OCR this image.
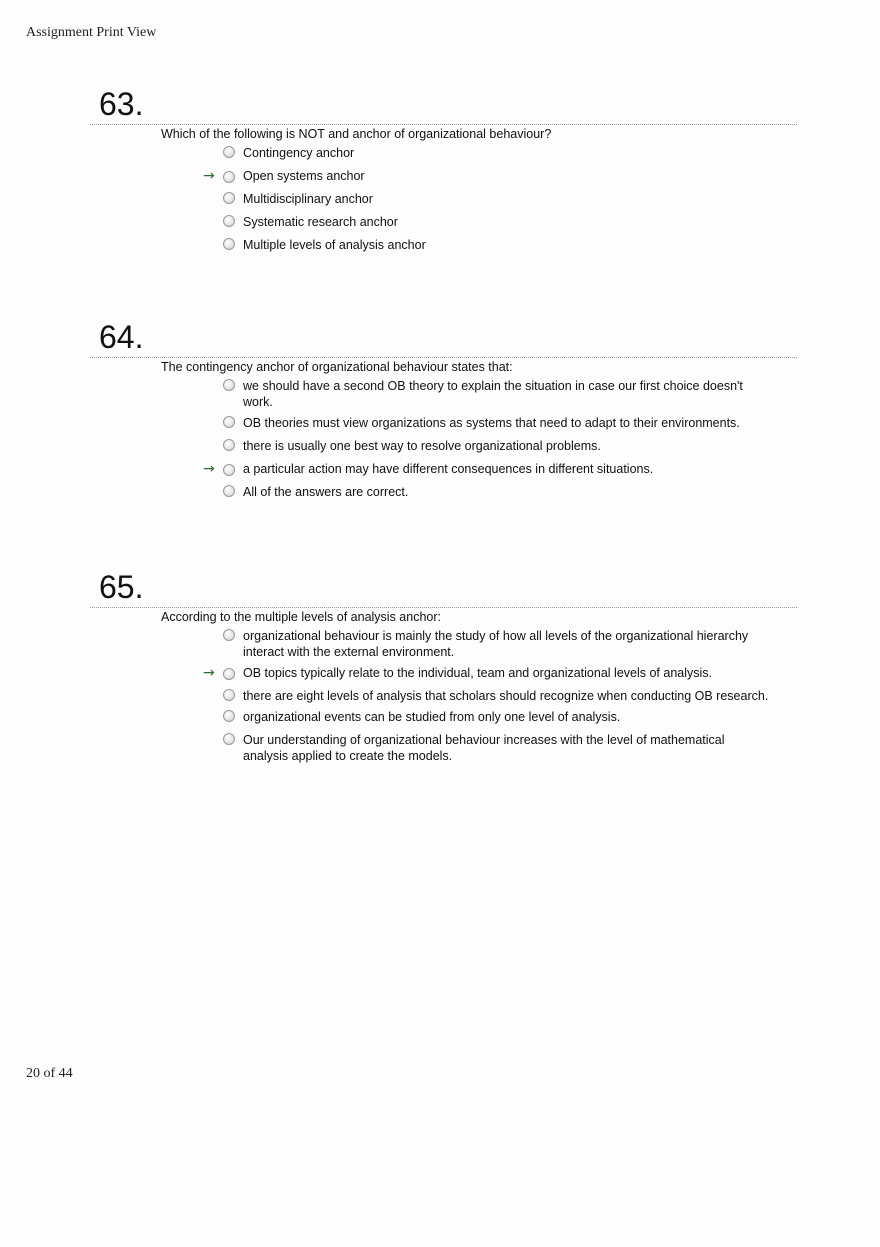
Assignment Print View
63.
Which of the following is NOT and anchor of organizational behaviour?
Contingency anchor
→ Open systems anchor
Multidisciplinary anchor
Systematic research anchor
Multiple levels of analysis anchor
64.
The contingency anchor of organizational behaviour states that:
we should have a second OB theory to explain the situation in case our first choice doesn't work.
OB theories must view organizations as systems that need to adapt to their environments.
there is usually one best way to resolve organizational problems.
→ a particular action may have different consequences in different situations.
All of the answers are correct.
65.
According to the multiple levels of analysis anchor:
organizational behaviour is mainly the study of how all levels of the organizational hierarchy interact with the external environment.
→ OB topics typically relate to the individual, team and organizational levels of analysis.
there are eight levels of analysis that scholars should recognize when conducting OB research.
organizational events can be studied from only one level of analysis.
Our understanding of organizational behaviour increases with the level of mathematical analysis applied to create the models.
20 of 44
